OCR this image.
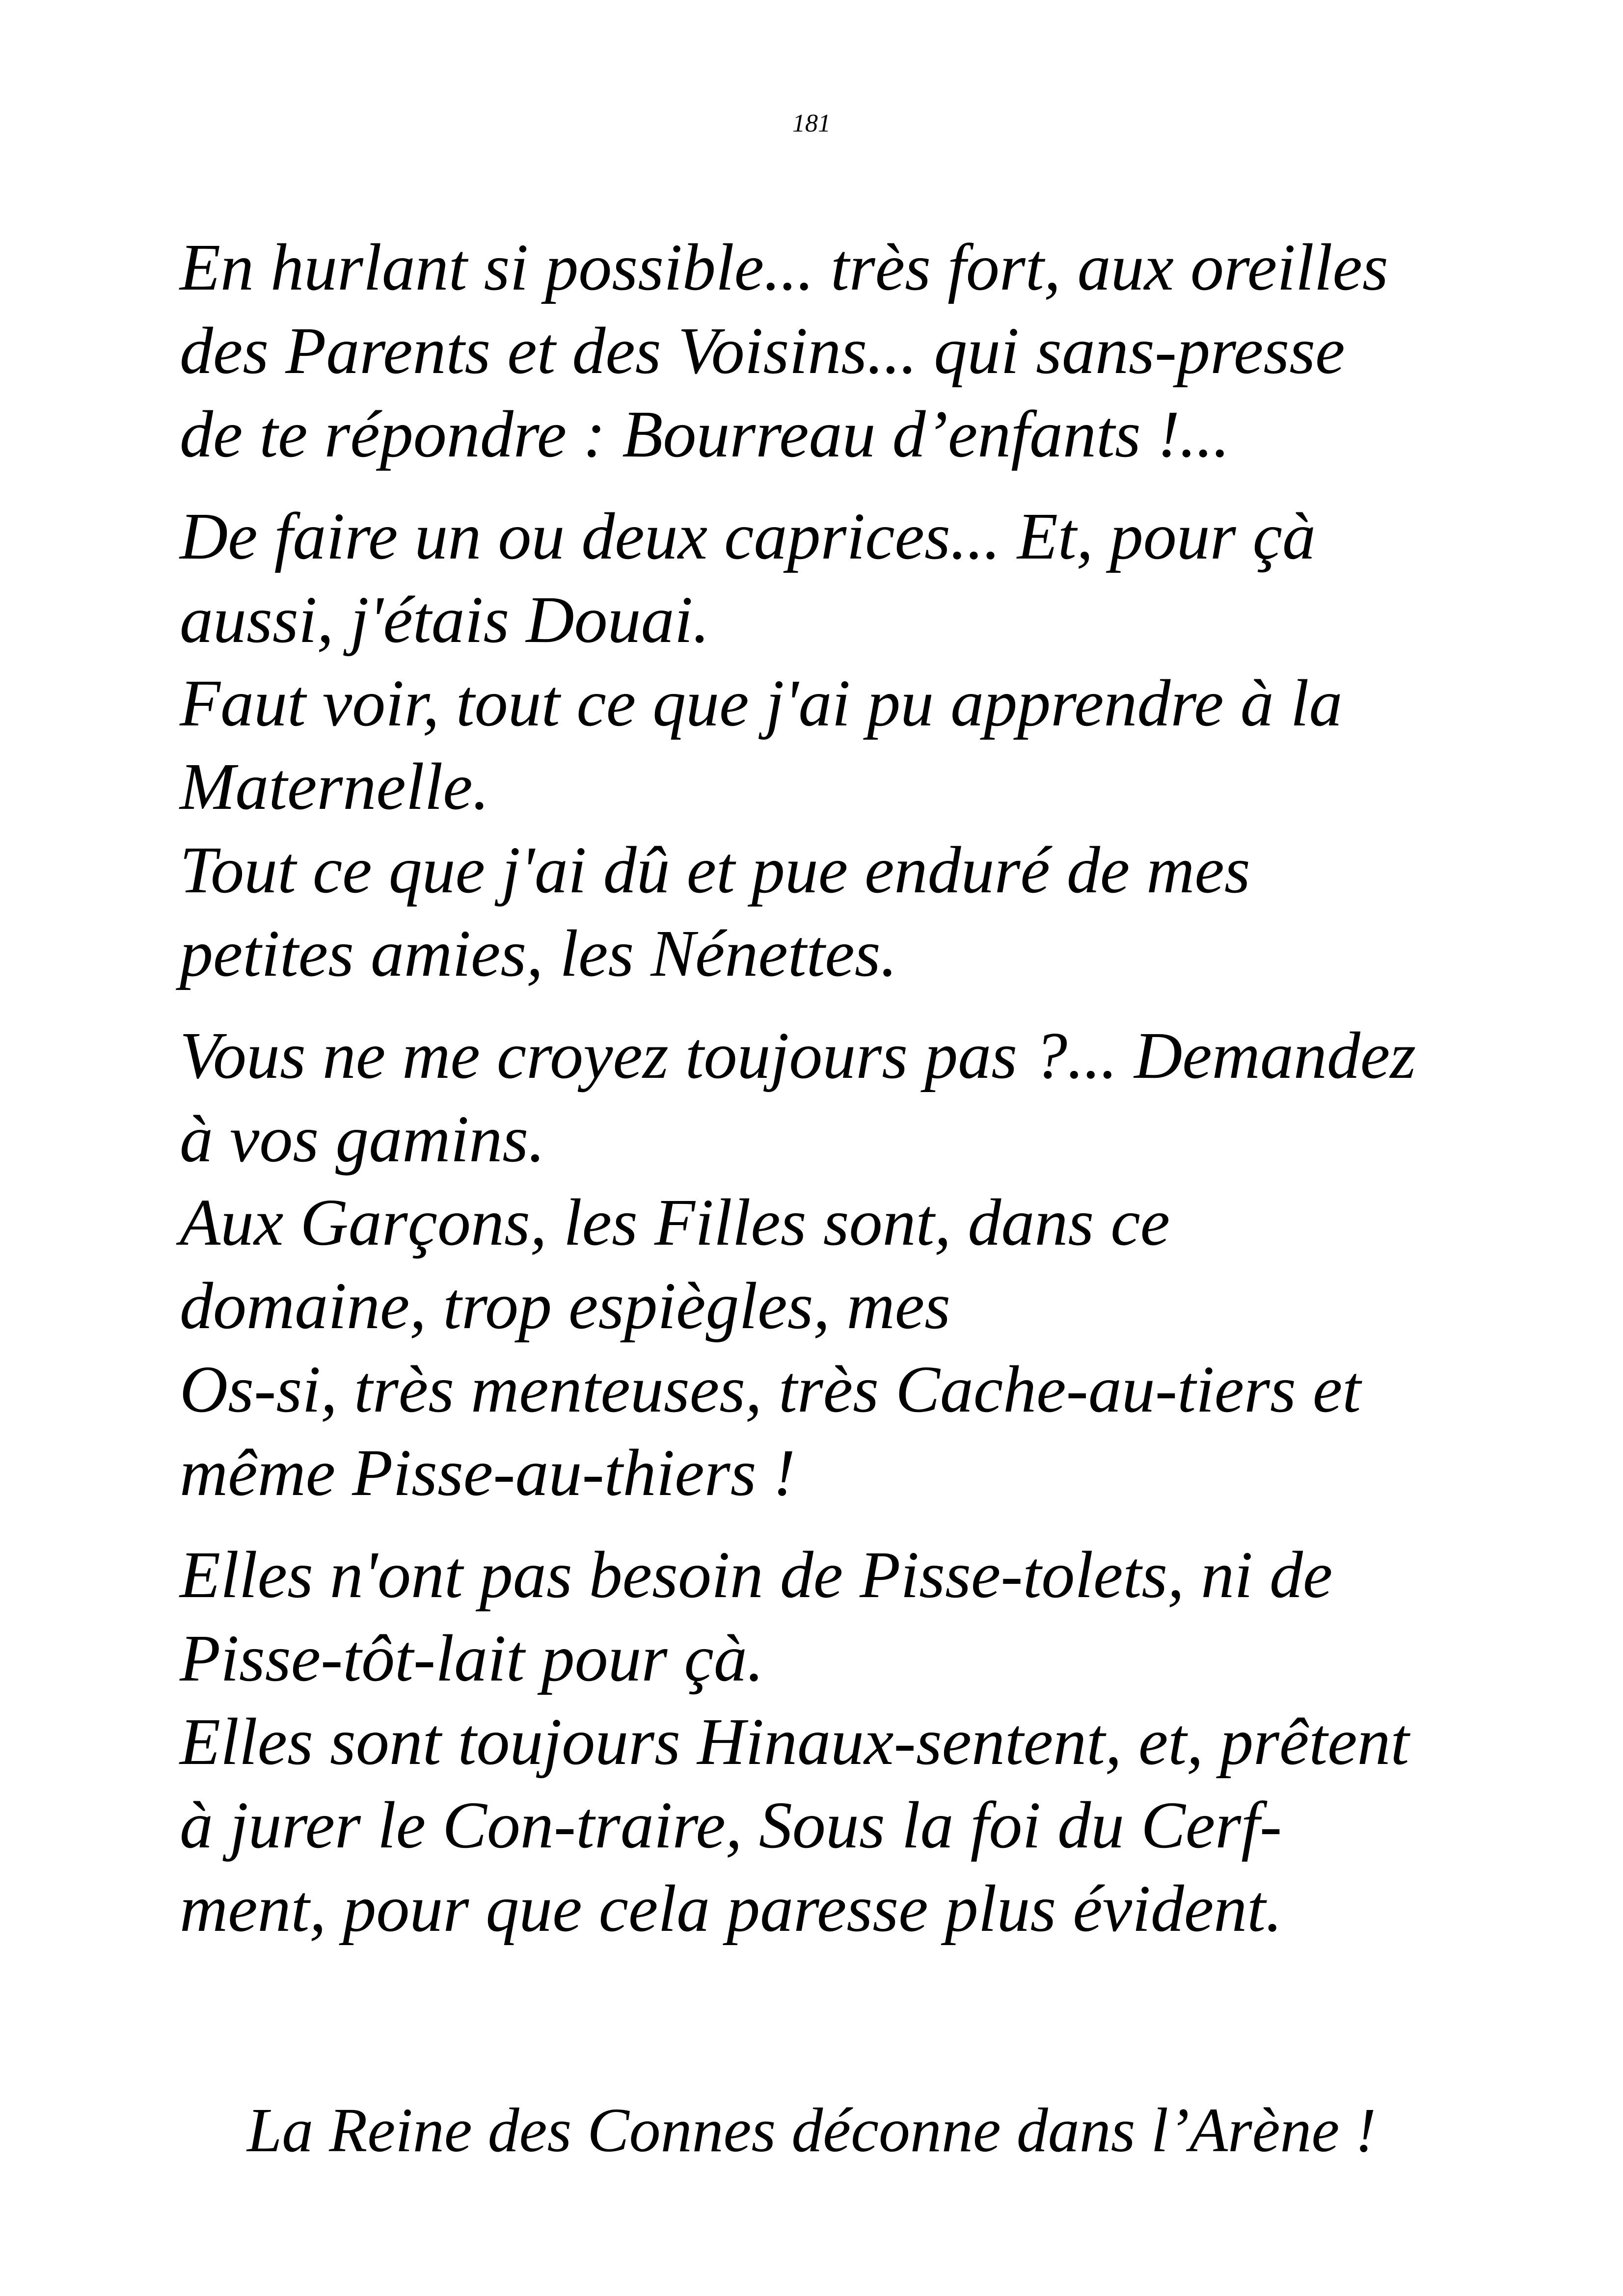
181

En hurlant si possible... très fort, aux oreilles
des Parents et des Voisins... qui sans-presse
de te répondre : Bourreau d’enfants !...

De faire un ou deux caprices... Et, pour çà
aussi, j'étais Douai.
Faut voir, tout ce que j'ai pu apprendre à la
Maternelle.
Tout ce que j'ai dû et pue enduré de mes
petites amies, les Nénettes.

Vous ne me croyez toujours pas ?... Demandez
à vos gamins.
Aux Garçons, les Filles sont, dans ce
domaine, trop espiègles, mes
Os-si, très menteuses, très Cache-au-tiers et
même Pisse-au-thiers !

Elles n'ont pas besoin de Pisse-tolets, ni de
Pisse-tôt-lait pour çà.
Elles sont toujours Hinaux-sentent, et, prêtent
à jurer le Con-traire, Sous la foi du Cerf-
ment, pour que cela paresse plus évident.

La Reine des Connes déconne dans l’Arène !
